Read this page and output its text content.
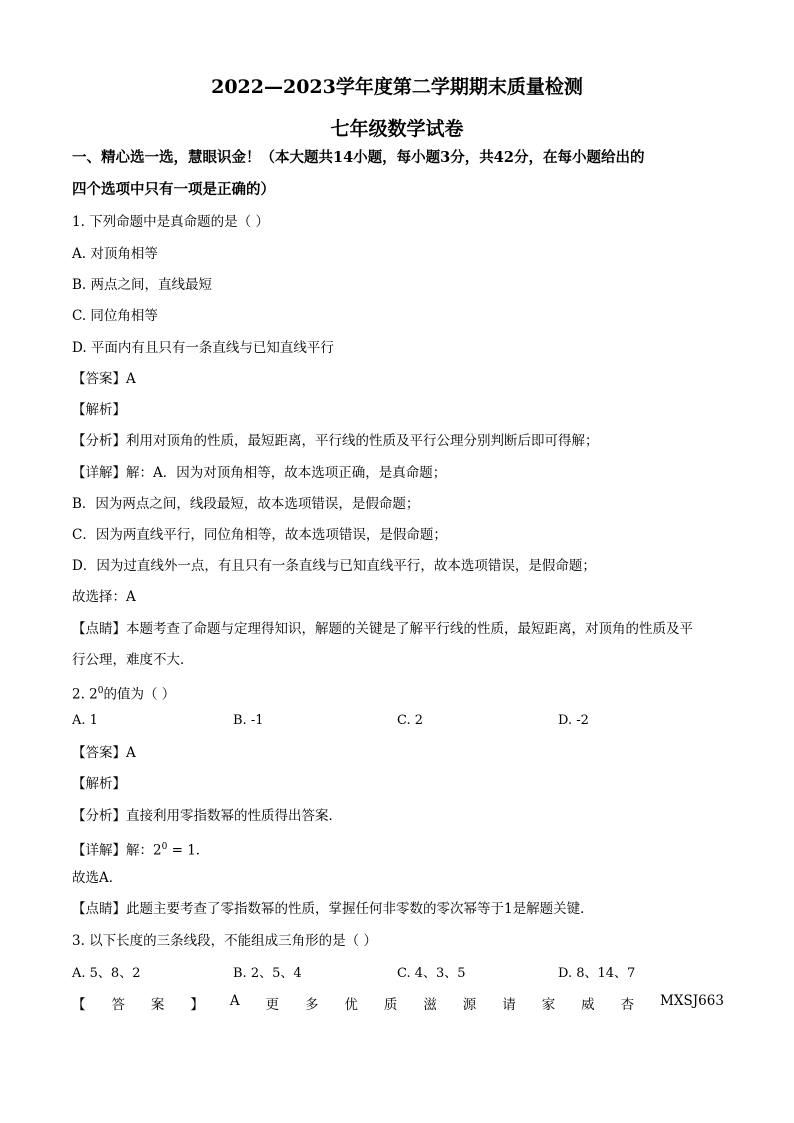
2022—2023学年度第二学期期末质量检测
七年级数学试卷
一、精心选一选，慧眼识金！（本大题共14小题，每小题3分，共42分，在每小题给出的
四个选项中只有一项是正确的）
1. 下列命题中是真命题的是（ ）
A. 对顶角相等
B. 两点之间，直线最短
C. 同位角相等
D. 平面内有且只有一条直线与已知直线平行
【答案】A
【解析】
【分析】利用对顶角的性质，最短距离，平行线的性质及平行公理分别判断后即可得解；
【详解】解：A．因为对顶角相等，故本选项正确，是真命题；
B．因为两点之间，线段最短，故本选项错误，是假命题；
C．因为两直线平行，同位角相等，故本选项错误，是假命题；
D．因为过直线外一点，有且只有一条直线与已知直线平行，故本选项错误，是假命题；
故选择：A
【点睛】本题考查了命题与定理得知识，解题的关键是了解平行线的性质，最短距离，对顶角的性质及平
行公理，难度不大．
2. $2^0$的值为（ ）
A. 1	B. -1	C. 2	D. -2
【答案】A
【解析】
【分析】直接利用零指数幂的性质得出答案．
【详解】解：$2^0 = 1$．
故选A．
【点睛】此题主要考查了零指数幂的性质，掌握任何非零数的零次幂等于1是解题关键．
3. 以下长度的三条线段，不能组成三角形的是（ ）
A. 5、8、2	B. 2、5、4	C. 4、3、5	D. 8、14、7
【 答 案 】 A 更 多 优 质 滋 源 请 家 威 杏 MXSJ663
